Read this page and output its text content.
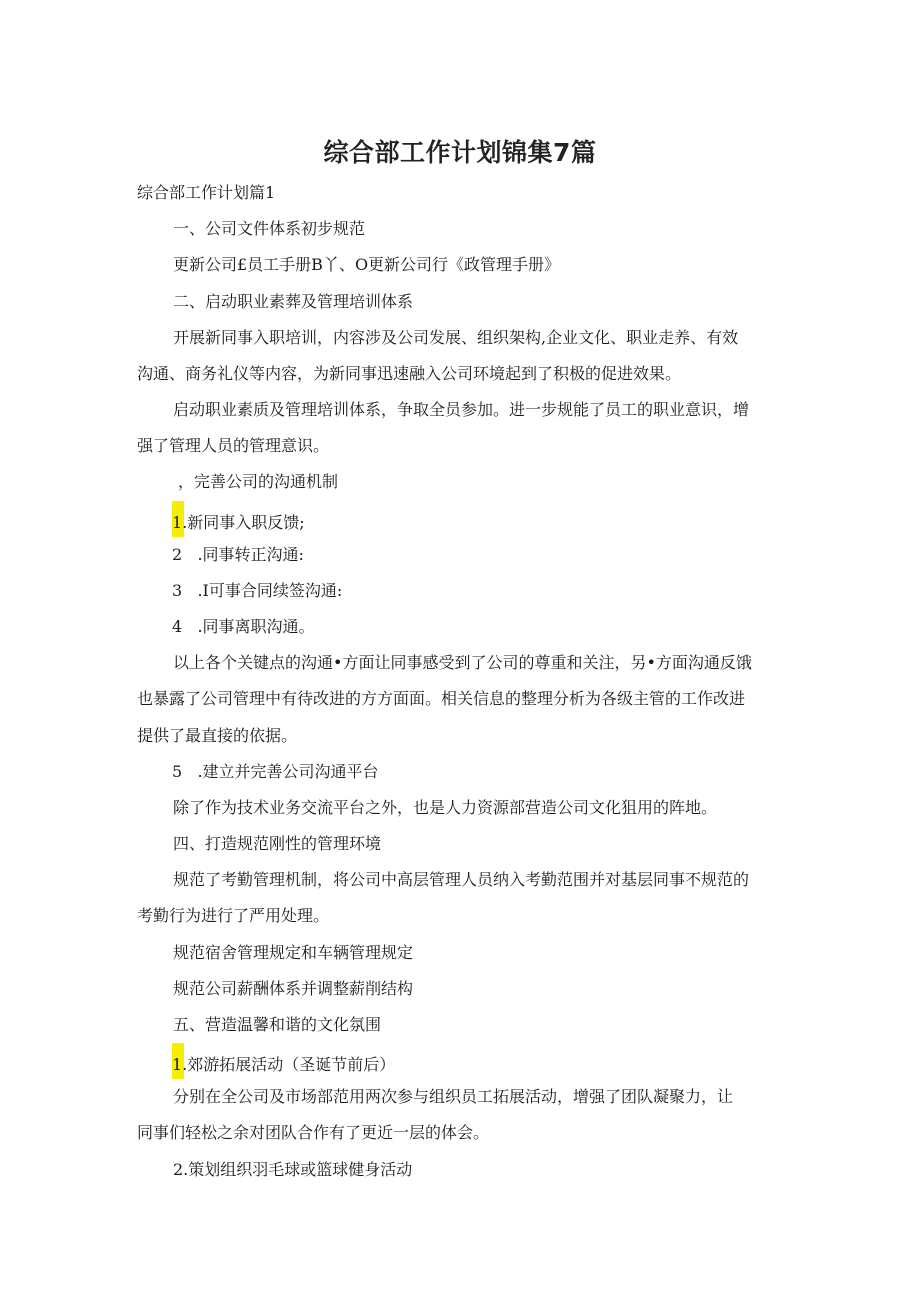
综合部工作计划锦集7篇
综合部工作计划篇1
一、公司文件体系初步规范
更新公司£员工手册B丫、O更新公司行《政管理手册》
二、启动职业素葬及管理培训体系
开展新同事入职培训，内容涉及公司发展、组织架构,企业文化、职业走养、有效
沟通、商务礼仪等内容，为新同事迅速融入公司环境起到了积极的促进效果。
启动职业素质及管理培训体系，争取全员参加。进一步规能了员工的职业意识，增
强了管理人员的管理意识。
，完善公司的沟通机制
1.新同事入职反馈;
2   .同事转正沟通:
3   .I可事合同续签沟通:
4   .同事离职沟通。
以上各个关键点的沟通•方面让同事感受到了公司的尊重和关注，另•方面沟通反饿
也暴露了公司管理中有待改进的方方面面。相关信息的整理分析为各级主管的工作改进
提供了最直接的依据。
5   .建立并完善公司沟通平台
除了作为技术业务交流平台之外，也是人力资源部营造公司文化狙用的阵地。
四、打造规范刚性的管理环境
规范了考勤管理机制，将公司中高层管理人员纳入考勤范围并对基层同事不规范的
考勤行为进行了严用处理。
规范宿舍管理规定和车辆管理规定
规范公司薪酬体系并调整薪削结构
五、营造温馨和谐的文化氛围
1.郊游拓展活动（圣诞节前后）
分别在全公司及市场部范用两次参与组织员工拓展活动，增强了团队凝聚力，让
同事们轻松之余对团队合作有了更近一层的体会。
2.策划组织羽毛球或篮球健身活动
